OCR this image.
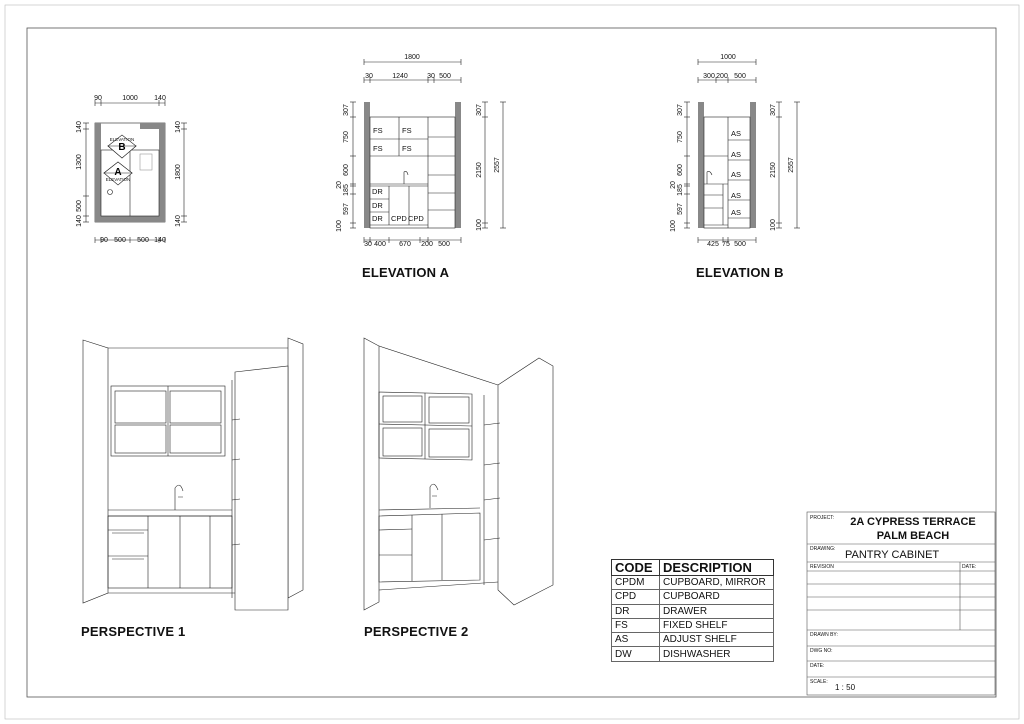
90	1000 140
90 500 500 140
140
1300
500
140
140
1800
140
B
ELEVATION
A
ELEVATION
1800
30	1240	30 500
30 400 670 200 500
307
750
600
20 185
597
100
307
2150
100
2557
FS	FS
FS	FS
DR
DR
DR CPD CPD
1000
300 200 500
425 75 500
307
750
600
20 185
597
100
307
2150
100
2557
AS
AS
AS
AS
AS
ELEVATION A	ELEVATION B
PERSPECTIVE 1	PERSPECTIVE 2
CODE	DESCRIPTION
CPDM	CUPBOARD, MIRROR
CPD	CUPBOARD
DR	DRAWER
FS	FIXED SHELF
AS	ADJUST SHELF
DW	DISHWASHER
PROJECT:	2A CYPRESS TERRACE
PALM BEACH
DRAWING: PANTRY CABINET
REVISION	DATE:
DRAWN BY:
DWG NO:
DATE:
SCALE:
1 : 50
